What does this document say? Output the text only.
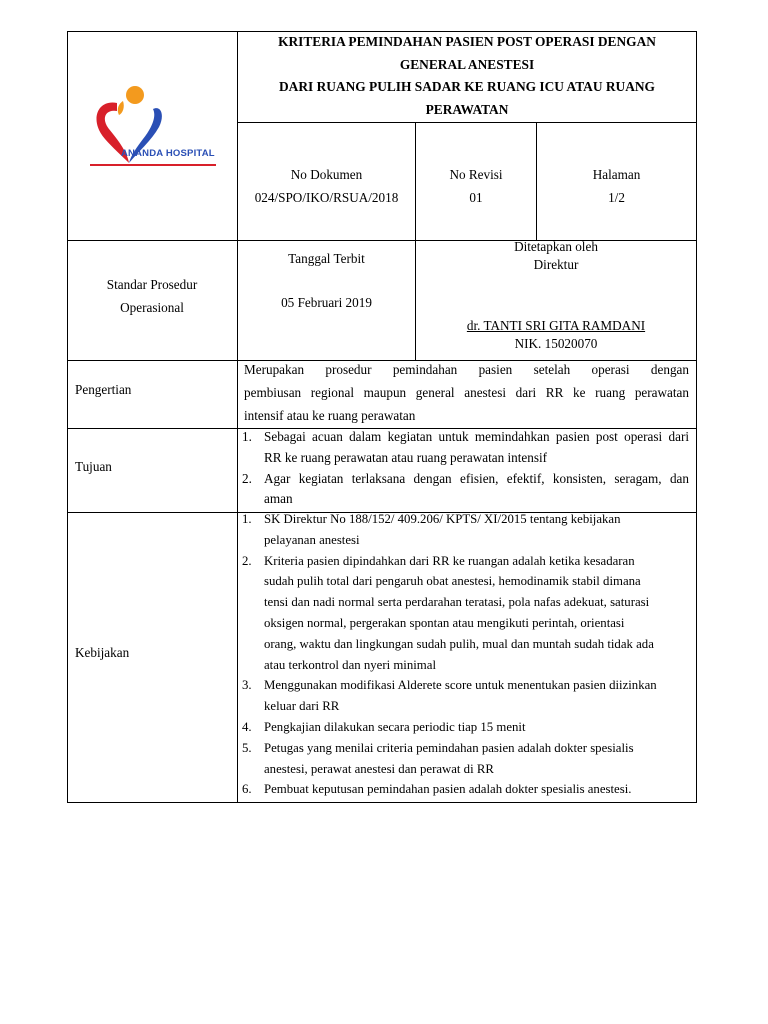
ANANDA HOSPITAL
KRITERIA PEMINDAHAN PASIEN POST OPERASI DENGAN
GENERAL ANESTESI
DARI RUANG PULIH SADAR KE RUANG ICU ATAU RUANG
PERAWATAN
No Dokumen
024/SPO/IKO/RSUA/2018
No Revisi
01
Halaman
1/2
Standar Prosedur
Operasional
Tanggal Terbit
05 Februari 2019
Ditetapkan oleh
Direktur
dr. TANTI SRI GITA RAMDANI
NIK. 15020070
Pengertian
Merupakan prosedur pemindahan pasien setelah operasi dengan
pembiusan regional maupun general anestesi dari RR ke ruang perawatan
intensif atau ke ruang perawatan
Tujuan
1. Sebagai acuan dalam kegiatan untuk memindahkan pasien post operasi dari
RR ke ruang perawatan atau ruang perawatan intensif
2. Agar kegiatan terlaksana dengan efisien, efektif, konsisten, seragam, dan
aman
Kebijakan
1. SK Direktur No 188/152/ 409.206/ KPTS/ XI/2015 tentang kebijakan
pelayanan anestesi
2. Kriteria pasien dipindahkan dari RR ke ruangan adalah ketika kesadaran
sudah pulih total dari pengaruh obat anestesi, hemodinamik stabil dimana
tensi dan nadi normal serta perdarahan teratasi, pola nafas adekuat, saturasi
oksigen normal, pergerakan spontan atau mengikuti perintah, orientasi
orang, waktu dan lingkungan sudah pulih, mual dan muntah sudah tidak ada
atau terkontrol dan nyeri minimal
3. Menggunakan modifikasi Alderete score untuk menentukan pasien diizinkan
keluar dari RR
4. Pengkajian dilakukan secara periodic tiap 15 menit
5. Petugas yang menilai criteria pemindahan pasien adalah dokter spesialis
anestesi, perawat anestesi dan perawat di RR
6. Pembuat keputusan pemindahan pasien adalah dokter spesialis anestesi.
